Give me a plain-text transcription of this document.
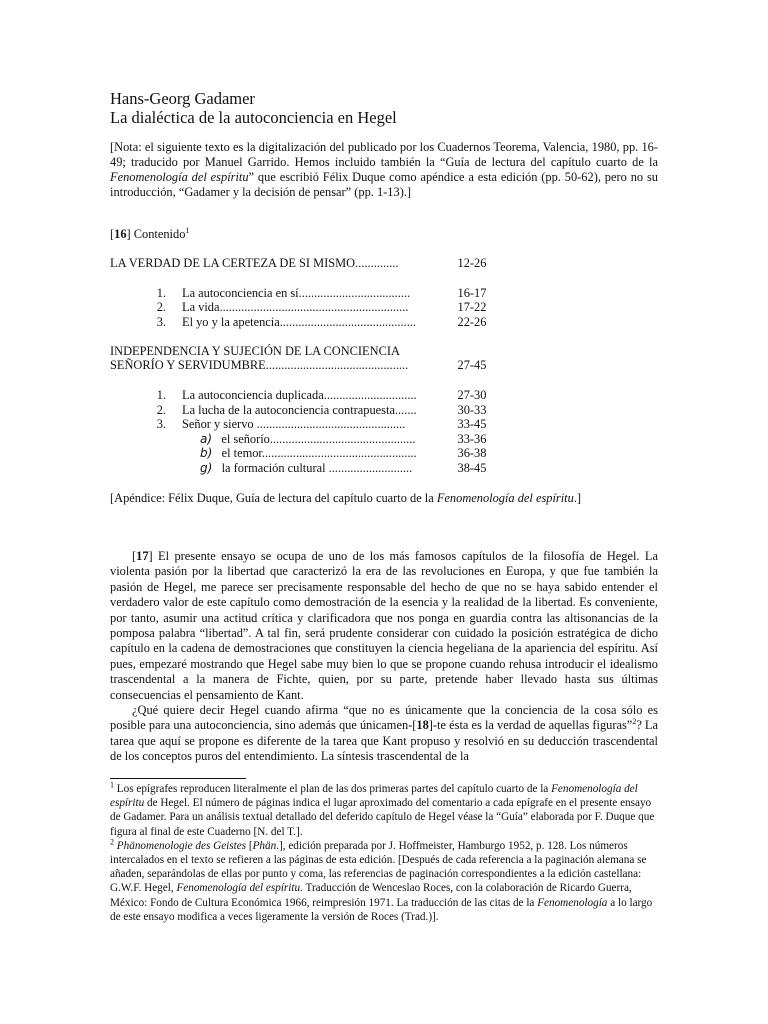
Hans-Georg Gadamer
La dialéctica de la autoconciencia en Hegel
[Nota: el siguiente texto es la digitalización del publicado por los Cuadernos Teorema, Valencia, 1980, pp. 16-49; traducido por Manuel Garrido. Hemos incluido también la “Guía de lectura del capítulo cuarto de la Fenomenología del espíritu” que escribió Félix Duque como apéndice a esta edición (pp. 50-62), pero no su introducción, “Gadamer y la decisión de pensar” (pp. 1-13).]
[16] Contenido$^1$
LA VERDAD DE LA CERTEZA DE SI MISMO..............	12-26
1. La autoconciencia en sí....................................	16-17
2. La vida.............................................................	17-22
3. El yo y la apetencia............................................	22-26
INDEPENDENCIA Y SUJECIÓN DE LA CONCIENCIA
SEÑORÍO Y SERVIDUMBRE..............................................	27-45
1. La autoconciencia duplicada..............................	27-30
2. La lucha de la autoconciencia contrapuesta.......	30-33
3. Señor y siervo ................................................	33-45
a) el señorío...............................................	33-36
b) el temor..................................................	36-38
g) la formación cultural ...........................	38-45
[Apéndice: Félix Duque, Guía de lectura del capítulo cuarto de la Fenomenología del espíritu.]

[17] El presente ensayo se ocupa de uno de los más famosos capítulos de la filosofía de Hegel. La violenta pasión por la libertad que caracterizó la era de las revoluciones en Europa, y que fue también la pasión de Hegel, me parece ser precisamente responsable del hecho de que no se haya sabido entender el verdadero valor de este capítulo como demostración de la esencia y la realidad de la libertad. Es conveniente, por tanto, asumir una actitud crítica y clarificadora que nos ponga en guardia contra las altisonancias de la pomposa palabra “libertad”. A tal fin, será prudente considerar con cuidado la posición estratégica de dicho capítulo en la cadena de demostraciones que constituyen la ciencia hegeliana de la apariencia del espíritu. Así pues, empezaré mostrando que Hegel sabe muy bien lo que se propone cuando rehusa introducir el idealismo trascendental a la manera de Fichte, quien, por su parte, pretende haber llevado hasta sus últimas consecuencias el pensamiento de Kant.

¿Qué quiere decir Hegel cuando afirma “que no es únicamente que la conciencia de la cosa sólo es posible para una autoconciencia, sino además que únicamen-[18]-te ésta es la verdad de aquellas figuras”$^2$? La tarea que aquí se propone es diferente de la tarea que Kant propuso y resolvió en su deducción trascendental de los conceptos puros del entendimiento. La síntesis trascendental de la

$^1$ Los epígrafes reproducen literalmente el plan de las dos primeras partes del capítulo cuarto de la Fenomenología del espíritu de Hegel. El número de páginas indica el lugar aproximado del comentario a cada epígrafe en el presente ensayo de Gadamer. Para un análisis textual detallado del deferido capítulo de Hegel véase la “Guía” elaborada por F. Duque que figura al final de este Cuaderno [N. del T.].

$^2$ Phänomenologie des Geistes [Phän.], edición preparada por J. Hoffmeister, Hamburgo 1952, p. 128. Los números intercalados en el texto se refieren a las páginas de esta edición. [Después de cada referencia a la paginación alemana se añaden, separándolas de ellas por punto y coma, las referencias de paginación correspondientes a la edición castellana: G.W.F. Hegel, Fenomenología del espíritu. Traducción de Wenceslao Roces, con la colaboración de Ricardo Guerra, México: Fondo de Cultura Económica 1966, reimpresión 1971. La traducción de las citas de la Fenomenología a lo largo de este ensayo modifica a veces ligeramente la versión de Roces (Trad.)].
